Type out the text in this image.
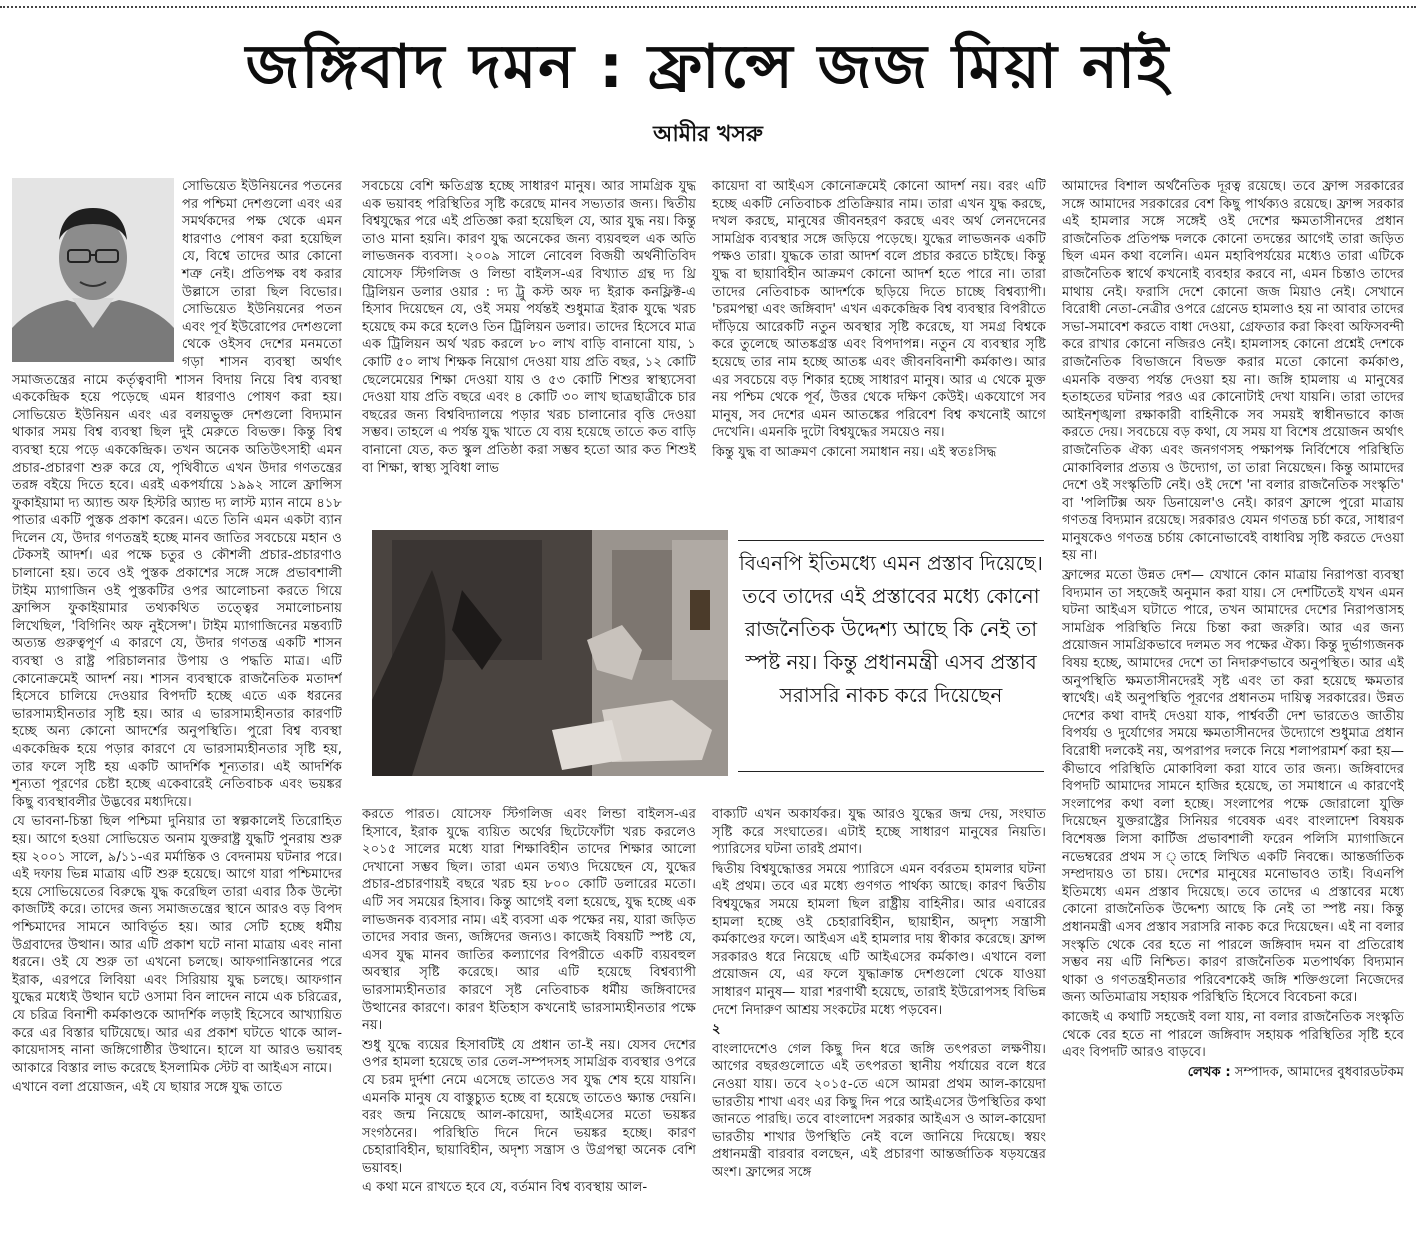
জঙ্গিবাদ দমন : ফ্রান্সে জজ মিয়া নাই
আমীর খসরু

সোভিয়েত ইউনিয়নের পতনের পর পশ্চিমা দেশগুলো এবং এর সমর্থকদের পক্ষ থেকে এমন ধারণাও পোষণ করা হয়েছিল যে, বিশ্বে তাদের আর কোনো শত্রু নেই। প্রতিপক্ষ বধ করার উল্লাসে তারা ছিল বিভোর। সোভিয়েত ইউনিয়নের পতন এবং পূর্ব ইউরোপের দেশগুলো থেকে ওইসব দেশের মনমতো গড়া শাসন ব্যবস্থা অর্থাৎ সমাজতন্ত্রের নামে কর্তৃত্ববাদী শাসন বিদায় নিয়ে বিশ্ব ব্যবস্থা এককেন্দ্রিক হয়ে পড়েছে এমন ধারণাও পোষণ করা হয়। সোভিয়েত ইউনিয়ন এবং এর বলয়ভুক্ত দেশগুলো বিদ্যমান থাকার সময় বিশ্ব ব্যবস্থা ছিল দুই মেরুতে বিভক্ত। কিন্তু বিশ্ব ব্যবস্থা হয়ে পড়ে এককেন্দ্রিক। তখন অনেক অতিউৎসাহী এমন প্রচার-প্রচারণা শুরু করে যে, পৃথিবীতে এখন উদার গণতন্ত্রের তরঙ্গ বইয়ে দিতে হবে। এরই একপর্যায়ে ১৯৯২ সালে ফ্রান্সিস ফুকাইয়ামা দ্য অ্যান্ড অফ হিস্টরি অ্যান্ড দ্য লাস্ট ম্যান নামে ৪১৮ পাতার একটি পুস্তক প্রকাশ করেন। এতে তিনি এমন একটা ব্যান দিলেন যে, উদার গণতন্ত্রই হচ্ছে মানব জাতির সবচেয়ে মহান ও টেকসই আদর্শ। এর পক্ষে চতুর ও কৌশলী প্রচার-প্রচারণাও চালানো হয়। তবে ওই পুস্তক প্রকাশের সঙ্গে সঙ্গে প্রভাবশালী টাইম ম্যাগাজিন ওই পুস্তকটির ওপর আলোচনা করতে গিয়ে ফ্রান্সিস ফুকাইয়ামার তথ্যকথিত তত্ত্বের সমালোচনায় লিখেছিল, 'বিগিনিং অফ নুইসেন্স'। টাইম ম্যাগাজিনের মন্তব্যটি অত্যন্ত গুরুত্বপূর্ণ এ কারণে যে, উদার গণতন্ত্র একটি শাসন ব্যবস্থা ও রাষ্ট্র পরিচালনার উপায় ও পদ্ধতি মাত্র। এটি কোনোক্রমেই আদর্শ নয়। শাসন ব্যবস্থাকে রাজনৈতিক মতাদর্শ হিসেবে চালিয়ে দেওয়ার বিপদটি হচ্ছে এতে এক ধরনের ভারসাম্যহীনতার সৃষ্টি হয়। আর এ ভারসাম্যহীনতার কারণটি হচ্ছে অন্য কোনো আদর্শের অনুপস্থিতি। পুরো বিশ্ব ব্যবস্থা এককেন্দ্রিক হয়ে পড়ার কারণে যে ভারসাম্যহীনতার সৃষ্টি হয়, তার ফলে সৃষ্টি হয় একটি আদর্শিক শূন্যতার। এই আদর্শিক শূন্যতা পূরণের চেষ্টা হচ্ছে একেবারেই নেতিবাচক এবং ভয়ঙ্কর কিছু ব্যবস্থাবলীর উদ্ভবের মধ্যদিয়ে।

যে ভাবনা-চিন্তা ছিল পশ্চিমা দুনিয়ার তা স্বল্পকালেই তিরোহিত হয়। আগে হওয়া সোভিয়েত অনাম যুক্তরাষ্ট্র যুদ্ধটি পুনরায় শুরু হয় ২০০১ সালে, ৯/১১-এর মর্মান্তিক ও বেদনাময় ঘটনার পরে। এই দফায় ভিন্ন মাত্রায় এটি শুরু হয়েছে। আগে যারা পশ্চিমাদের হয়ে সোভিয়েতের বিরুদ্ধে যুদ্ধ করেছিল তারা এবার ঠিক উল্টো কাজটিই করে। তাদের জন্য সমাজতন্ত্রের স্থানে আরও বড় বিপদ পশ্চিমাদের সামনে আবির্ভূত হয়। আর সেটি হচ্ছে ধর্মীয় উগ্রবাদের উত্থান। আর এটি প্রকাশ ঘটে নানা মাত্রায় এবং নানা ধরনে। ওই যে শুরু তা এখনো চলছে। আফগানিস্তানের পরে ইরাক, এরপরে লিবিয়া এবং সিরিয়ায় যুদ্ধ চলছে। আফগান যুদ্ধের মধ্যেই উত্থান ঘটে ওসামা বিন লাদেন নামে এক চরিত্রের, যে চরিত্র বিনাশী কর্মকাণ্ডকে আদর্শিক লড়াই হিসেবে আখ্যায়িত করে এর বিস্তার ঘটিয়েছে। আর এর প্রকাশ ঘটতে থাকে আল-কায়েদাসহ নানা জঙ্গিগোষ্ঠীর উত্থানে। হালে যা আরও ভয়াবহ আকারে বিস্তার লাভ করেছে ইসলামিক স্টেট বা আইএস নামে।

এখানে বলা প্রয়োজন, এই যে ছায়ার সঙ্গে যুদ্ধ তাতে

সবচেয়ে বেশি ক্ষতিগ্রস্ত হচ্ছে সাধারণ মানুষ। আর সামগ্রিক যুদ্ধ এক ভয়াবহ পরিস্থিতির সৃষ্টি করেছে মানব সভ্যতার জন্য। দ্বিতীয় বিশ্বযুদ্ধের পরে এই প্রতিজ্ঞা করা হয়েছিল যে, আর যুদ্ধ নয়। কিন্তু তাও মানা হয়নি। কারণ যুদ্ধ অনেকের জন্য ব্যয়বহুল এক অতি লাভজনক ব্যবসা। ২০০৯ সালে নোবেল বিজয়ী অর্থনীতিবিদ যোসেফ স্টিগলিজ ও লিন্ডা বাইলস-এর বিখ্যাত গ্রন্থ দ্য থ্রি ট্রিলিয়ন ডলার ওয়ার : দ্য ট্রু কস্ট অফ দ্য ইরাক কনফ্লিক্ট-এ হিসাব দিয়েছেন যে, ওই সময় পর্যন্তই শুধুমাত্র ইরাক যুদ্ধে খরচ হয়েছে কম করে হলেও তিন ট্রিলিয়ন ডলার। তাদের হিসেবে মাত্র এক ট্রিলিয়ন অর্থ খরচ করলে ৮০ লাখ বাড়ি বানানো যায়, ১ কোটি ৫০ লাখ শিক্ষক নিয়োগ দেওয়া যায় প্রতি বছর, ১২ কোটি ছেলেমেয়ের শিক্ষা দেওয়া যায় ও ৫৩ কোটি শিশুর স্বাস্থ্যসেবা দেওয়া যায় প্রতি বছরে এবং ৪ কোটি ৩০ লাখ ছাত্রছাত্রীকে চার বছরের জন্য বিশ্ববিদ্যালয়ে পড়ার খরচ চালানোর বৃত্তি দেওয়া সম্ভব। তাহলে এ পর্যন্ত যুদ্ধ খাতে যে ব্যয় হয়েছে তাতে কত বাড়ি বানানো যেত, কত স্কুল প্রতিষ্ঠা করা সম্ভব হতো আর কত শিশুই বা শিক্ষা, স্বাস্থ্য সুবিধা লাভ

কায়েদা বা আইএস কোনোক্রমেই কোনো আদর্শ নয়। বরং এটি হচ্ছে একটি নেতিবাচক প্রতিক্রিয়ার নাম। তারা এখন যুদ্ধ করছে, দখল করছে, মানুষের জীবনহরণ করছে এবং অর্থ লেনদেনের সামগ্রিক ব্যবস্থার সঙ্গে জড়িয়ে পড়েছে। যুদ্ধের লাভজনক একটি পক্ষও তারা। যুদ্ধকে তারা আদর্শ বলে প্রচার করতে চাইছে। কিন্তু যুদ্ধ বা ছায়াবিহীন আক্রমণ কোনো আদর্শ হতে পারে না। তারা তাদের নেতিবাচক আদর্শকে ছড়িয়ে দিতে চাচ্ছে বিশ্বব্যাপী। 'চরমপন্থা এবং জঙ্গিবাদ' এখন এককেন্দ্রিক বিশ্ব ব্যবস্থার বিপরীতে দাঁড়িয়ে আরেকটি নতুন অবস্থার সৃষ্টি করেছে, যা সমগ্র বিশ্বকে করে তুলেছে আতঙ্কগ্রস্ত এবং বিপদাপন্ন। নতুন যে ব্যবস্থার সৃষ্টি হয়েছে তার নাম হচ্ছে আতঙ্ক এবং জীবনবিনাশী কর্মকাণ্ড। আর এর সবচেয়ে বড় শিকার হচ্ছে সাধারণ মানুষ। আর এ থেকে মুক্ত নয় পশ্চিম থেকে পূর্ব, উত্তর থেকে দক্ষিণ কেউই। একযোগে সব মানুষ, সব দেশের এমন আতঙ্কের পরিবেশ বিশ্ব কখনোই আগে দেখেনি। এমনকি দুটো বিশ্বযুদ্ধের সময়েও নয়।

কিন্তু যুদ্ধ বা আক্রমণ কোনো সমাধান নয়। এই স্বতঃসিদ্ধ

বিএনপি ইতিমধ্যে এমন প্রস্তাব দিয়েছে। তবে তাদের এই প্রস্তাবের মধ্যে কোনো রাজনৈতিক উদ্দেশ্য আছে কি নেই তা স্পষ্ট নয়। কিন্তু প্রধানমন্ত্রী এসব প্রস্তাব সরাসরি নাকচ করে দিয়েছেন

করতে পারত। যোসেফ স্টিগলিজ এবং লিন্ডা বাইলস-এর হিসাবে, ইরাক যুদ্ধে ব্যয়িত অর্থের ছিটেফোঁটা খরচ করলেও ২০১৫ সালের মধ্যে যারা শিক্ষাবিহীন তাদের শিক্ষার আলো দেখানো সম্ভব ছিল। তারা এমন তথ্যও দিয়েছেন যে, যুদ্ধের প্রচার-প্রচারণায়ই বছরে খরচ হয় ৮০০ কোটি ডলারের মতো। এটি সব সময়ের হিসাব। কিন্তু আগেই বলা হয়েছে, যুদ্ধ হচ্ছে এক লাভজনক ব্যবসার নাম। এই ব্যবসা এক পক্ষের নয়, যারা জড়িত তাদের সবার জন্য, জঙ্গিদের জন্যও। কাজেই বিষয়টি স্পষ্ট যে, এসব যুদ্ধ মানব জাতির কল্যাণের বিপরীতে একটি ব্যয়বহুল অবস্থার সৃষ্টি করেছে। আর এটি হয়েছে বিশ্বব্যাপী ভারসাম্যহীনতার কারণে সৃষ্ট নেতিবাচক ধর্মীয় জঙ্গিবাদের উত্থানের কারণে। কারণ ইতিহাস কখনোই ভারসাম্যহীনতার পক্ষে নয়।

শুধু যুদ্ধে ব্যয়ের হিসাবটিই যে প্রধান তা-ই নয়। যেসব দেশের ওপর হামলা হয়েছে তার তেল-সম্পদসহ সামগ্রিক ব্যবস্থার ওপরে যে চরম দুর্দশা নেমে এসেছে তাতেও সব যুদ্ধ শেষ হয়ে যায়নি। এমনকি মানুষ যে বাস্তুচ্যুত হচ্ছে বা হয়েছে তাতেও ক্ষ্যান্ত দেয়নি। বরং জন্ম নিয়েছে আল-কায়েদা, আইএসের মতো ভয়ঙ্কর সংগঠনের। পরিস্থিতি দিনে দিনে ভয়ঙ্কর হচ্ছে। কারণ চেহারাবিহীন, ছায়াবিহীন, অদৃশ্য সন্ত্রাস ও উগ্রপন্থা অনেক বেশি ভয়াবহ।

এ কথা মনে রাখতে হবে যে, বর্তমান বিশ্ব ব্যবস্থায় আল-

বাক্যটি এখন অকার্যকর। যুদ্ধ আরও যুদ্ধের জন্ম দেয়, সংঘাত সৃষ্টি করে সংঘাতের। এটাই হচ্ছে সাধারণ মানুষের নিয়তি। প্যারিসের ঘটনা তারই প্রমাণ।

দ্বিতীয় বিশ্বযুদ্ধোত্তর সময়ে প্যারিসে এমন বর্বরতম হামলার ঘটনা এই প্রথম। তবে এর মধ্যে গুণগত পার্থক্য আছে। কারণ দ্বিতীয় বিশ্বযুদ্ধের সময়ে হামলা ছিল রাষ্ট্রীয় বাহিনীর। আর এবারের হামলা হচ্ছে ওই চেহারাবিহীন, ছায়াহীন, অদৃশ্য সন্ত্রাসী কর্মকাণ্ডের ফলে। আইএস এই হামলার দায় স্বীকার করেছে। ফ্রান্স সরকারও ধরে নিয়েছে এটি আইএসের কর্মকাণ্ড। এখানে বলা প্রয়োজন যে, এর ফলে যুদ্ধাক্রান্ত দেশগুলো থেকে যাওয়া সাধারণ মানুষ— যারা শরণার্থী হয়েছে, তারাই ইউরোপসহ বিভিন্ন দেশে নিদারুণ আশ্রয় সংকটের মধ্যে পড়বেন।

২

বাংলাদেশেও গেল কিছু দিন ধরে জঙ্গি তৎপরতা লক্ষণীয়। আগের বছরগুলোতে এই তৎপরতা স্থানীয় পর্যায়ের বলে ধরে নেওয়া যায়। তবে ২০১৫-তে এসে আমরা প্রথম আল-কায়েদা ভারতীয় শাখা এবং এর কিছু দিন পরে আইএসের উপস্থিতির কথা জানতে পারছি। তবে বাংলাদেশ সরকার আইএস ও আল-কায়েদা ভারতীয় শাখার উপস্থিতি নেই বলে জানিয়ে দিয়েছে। স্বয়ং প্রধানমন্ত্রী বারবার বলছেন, এই প্রচারণা আন্তর্জাতিক ষড়যন্ত্রের অংশ। ফ্রান্সের সঙ্গে

আমাদের বিশাল অর্থনৈতিক দূরত্ব রয়েছে। তবে ফ্রান্স সরকারের সঙ্গে আমাদের সরকারের বেশ কিছু পার্থক্যও রয়েছে। ফ্রান্স সরকার এই হামলার সঙ্গে সঙ্গেই ওই দেশের ক্ষমতাসীনদের প্রধান রাজনৈতিক প্রতিপক্ষ দলকে কোনো তদন্তের আগেই তারা জড়িত ছিল এমন কথা বলেনি। এমন মহাবিপর্যয়ের মধ্যেও তারা এটিকে রাজনৈতিক স্বার্থে কখনোই ব্যবহার করবে না, এমন চিন্তাও তাদের মাথায় নেই। ফরাসি দেশে কোনো জজ মিয়াও নেই। সেখানে বিরোধী নেতা-নেত্রীর ওপরে গ্রেনেড হামলাও হয় না আবার তাদের সভা-সমাবেশ করতে বাধা দেওয়া, গ্রেফতার করা কিংবা অফিসবন্দী করে রাখার কোনো নজিরও নেই। হামলাসহ কোনো প্রশ্নেই দেশকে রাজনৈতিক বিভাজনে বিভক্ত করার মতো কোনো কর্মকাণ্ড, এমনকি বক্তব্য পর্যন্ত দেওয়া হয় না। জঙ্গি হামলায় এ মানুষের হতাহতের ঘটনার পরও এর কোনোটাই দেখা যায়নি। তারা তাদের আইনশৃঙ্খলা রক্ষাকারী বাহিনীকে সব সময়ই স্বাধীনভাবে কাজ করতে দেয়। সবচেয়ে বড় কথা, যে সময় যা বিশেষ প্রয়োজন অর্থাৎ রাজনৈতিক ঐক্য এবং জনগণসহ পক্ষাপক্ষ নির্বিশেষে পরিস্থিতি মোকাবিলার প্রত্যয় ও উদ্যোগ, তা তারা নিয়েছেন। কিন্তু আমাদের দেশে ওই সংস্কৃতিটি নেই। ওই দেশে 'না বলার রাজনৈতিক সংস্কৃতি' বা 'পলিটিক্স অফ ডিনায়েল'ও নেই। কারণ ফ্রান্সে পুরো মাত্রায় গণতন্ত্র বিদ্যমান রয়েছে। সরকারও যেমন গণতন্ত্র চর্চা করে, সাধারণ মানুষকেও গণতন্ত্র চর্চায় কোনোভাবেই বাধাবিঘ্ন সৃষ্টি করতে দেওয়া হয় না।

ফ্রান্সের মতো উন্নত দেশ— যেখানে কোন মাত্রায় নিরাপত্তা ব্যবস্থা বিদ্যমান তা সহজেই অনুমান করা যায়। সে দেশটিতেই যখন এমন ঘটনা আইএস ঘটাতে পারে, তখন আমাদের দেশের নিরাপত্তাসহ সামগ্রিক পরিস্থিতি নিয়ে চিন্তা করা জরুরি। আর এর জন্য প্রয়োজন সামগ্রিকভাবে দলমত সব পক্ষের ঐক্য। কিন্তু দুর্ভাগ্যজনক বিষয় হচ্ছে, আমাদের দেশে তা নিদারুণভাবে অনুপস্থিত। আর এই অনুপস্থিতি ক্ষমতাসীনদেরই সৃষ্ট এবং তা করা হয়েছে ক্ষমতার স্বার্থেই। এই অনুপস্থিতি পূরণের প্রধানতম দায়িত্ব সরকারের। উন্নত দেশের কথা বাদই দেওয়া যাক, পার্শ্ববর্তী দেশ ভারতেও জাতীয় বিপর্যয় ও দুর্যোগের সময়ে ক্ষমতাসীনদের উদ্যোগে শুধুমাত্র প্রধান বিরোধী দলকেই নয়, অপরাপর দলকে নিয়ে শলাপরামর্শ করা হয়— কীভাবে পরিস্থিতি মোকাবিলা করা যাবে তার জন্য। জঙ্গিবাদের বিপদটি আমাদের সামনে হাজির হয়েছে, তা সমাধানে এ কারণেই সংলাপের কথা বলা হচ্ছে। সংলাপের পক্ষে জোরালো যুক্তি দিয়েছেন যুক্তরাষ্ট্রের সিনিয়র গবেষক এবং বাংলাদেশ বিষয়ক বিশেষজ্ঞ লিসা কার্টিজ প্রভাবশালী ফরেন পলিসি ম্যাগাজিনে নভেম্বরের প্রথম স ্তাহে লিখিত একটি নিবন্ধে। আন্তর্জাতিক সম্প্রদায়ও তা চায়। দেশের মানুষের মনোভাবও তাই। বিএনপি ইতিমধ্যে এমন প্রস্তাব দিয়েছে। তবে তাদের এ প্রস্তাবের মধ্যে কোনো রাজনৈতিক উদ্দেশ্য আছে কি নেই তা স্পষ্ট নয়। কিন্তু প্রধানমন্ত্রী এসব প্রস্তাব সরাসরি নাকচ করে দিয়েছেন। এই না বলার সংস্কৃতি থেকে বের হতে না পারলে জঙ্গিবাদ দমন বা প্রতিরোধ সম্ভব নয় এটি নিশ্চিত। কারণ রাজনৈতিক মতপার্থক্য বিদ্যমান থাকা ও গণতন্ত্রহীনতার পরিবেশকেই জঙ্গি শক্তিগুলো নিজেদের জন্য অতিমাত্রায় সহায়ক পরিস্থিতি হিসেবে বিবেচনা করে।

কাজেই এ কথাটি সহজেই বলা যায়, না বলার রাজনৈতিক সংস্কৃতি থেকে বের হতে না পারলে জঙ্গিবাদ সহায়ক পরিস্থিতির সৃষ্টি হবে এবং বিপদটি আরও বাড়বে।

লেখক : সম্পাদক, আমাদের বুধবারডটকম
